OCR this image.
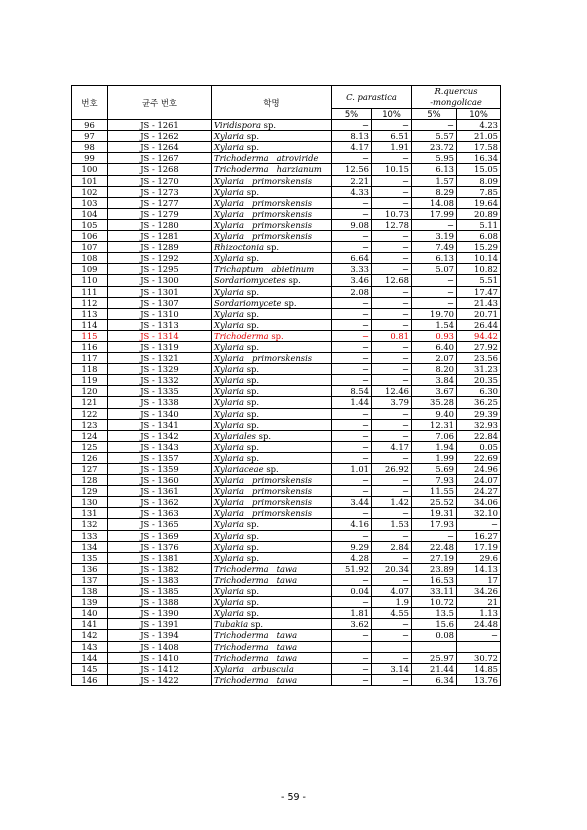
번호	균주 번호	학명	C. parastica		R.quercus
-mongolicae	
			5%	10%	5%	10%
96	JS - 1261	Viridispora sp.	−	−	−	4.23
97	JS - 1262	Xylaria sp.	8.13	6.51	5.57	21.05
98	JS - 1264	Xylaria sp.	4.17	1.91	23.72	17.58
99	JS - 1267	Trichoderma atroviride	−	−	5.95	16.34
100	JS - 1268	Trichoderma harzianum	12.56	10.15	6.13	15.05
101	JS - 1270	Xylaria primorskensis	2.21	−	1.57	8.09
102	JS - 1273	Xylaria sp.	4.33	−	8.29	7.85
103	JS - 1277	Xylaria primorskensis	−	−	14.08	19.64
104	JS - 1279	Xylaria primorskensis	−	10.73	17.99	20.89
105	JS - 1280	Xylaria primorskensis	9.08	12.78	−	5.11
106	JS - 1281	Xylaria primorskensis	−	−	3.19	6.08
107	JS - 1289	Rhizoctonia sp.	−	−	7.49	15.29
108	JS - 1292	Xylaria sp.	6.64	−	6.13	10.14
109	JS - 1295	Trichaptum abietinum	3.33	−	5.07	10.82
110	JS - 1300	Sordariomycetes sp.	3.46	12.68	−	5.51
111	JS - 1301	Xylaria sp.	2.08	−	−	17.47
112	JS - 1307	Sordariomycete sp.	−	−	−	21.43
113	JS - 1310	Xylaria sp.	−	−	19.70	20.71
114	JS - 1313	Xylaria sp.	−	−	1.54	26.44
115	JS - 1314	Trichoderma sp.	−	0.81	0.93	94.42
116	JS - 1319	Xylaria sp.	−	−	6.40	27.92
117	JS - 1321	Xylaria primorskensis	−	−	2.07	23.56
118	JS - 1329	Xylaria sp.	−	−	8.20	31.23
119	JS - 1332	Xylaria sp.	−	−	3.84	20.35
120	JS - 1335	Xylaria sp.	8.54	12.46	3.67	6.30
121	JS - 1338	Xylaria sp.	1.44	3.79	35.28	36.25
122	JS - 1340	Xylaria sp.	−	−	9.40	29.39
123	JS - 1341	Xylaria sp.	−	−	12.31	32.93
124	JS - 1342	Xylariales sp.	−	−	7.06	22.84
125	JS - 1343	Xylaria sp.	−	4.17	1.94	0.05
126	JS - 1357	Xylaria sp.	−	−	1.99	22.69
127	JS - 1359	Xylariaceae sp.	1.01	26.92	5.69	24.96
128	JS - 1360	Xylaria primorskensis	−	−	7.93	24.07
129	JS - 1361	Xylaria primorskensis	−	−	11.55	24.27
130	JS - 1362	Xylaria primorskensis	3.44	1.42	25.52	34.06
131	JS - 1363	Xylaria primorskensis	−	−	19.31	32.10
132	JS - 1365	Xylaria sp.	4.16	1.53	17.93	−
133	JS - 1369	Xylaria sp.	−	−	−	16.27
134	JS - 1376	Xylaria sp.	9.29	2.84	22.48	17.19
135	JS - 1381	Xylaria sp.	4.28	−	27.19	29.6
136	JS - 1382	Trichoderma tawa	51.92	20.34	23.89	14.13
137	JS - 1383	Trichoderma tawa	−	−	16.53	17
138	JS - 1385	Xylaria sp.	0.04	4.07	33.11	34.26
139	JS - 1388	Xylaria sp.	−	1.9	10.72	21
140	JS - 1390	Xylaria sp.	1.81	4.55	13.5	1.13
141	JS - 1391	Tubakia sp.	3.62	−	15.6	24.48
142	JS - 1394	Trichoderma tawa	−	−	0.08	−
143	JS - 1408	Trichoderma tawa				
144	JS - 1410	Trichoderma tawa	−	−	25.97	30.72
145	JS - 1412	Xylaria arbuscula	−	3.14	21.44	14.85
146	JS - 1422	Trichoderma tawa	−	−	6.34	13.76
- 59 -
